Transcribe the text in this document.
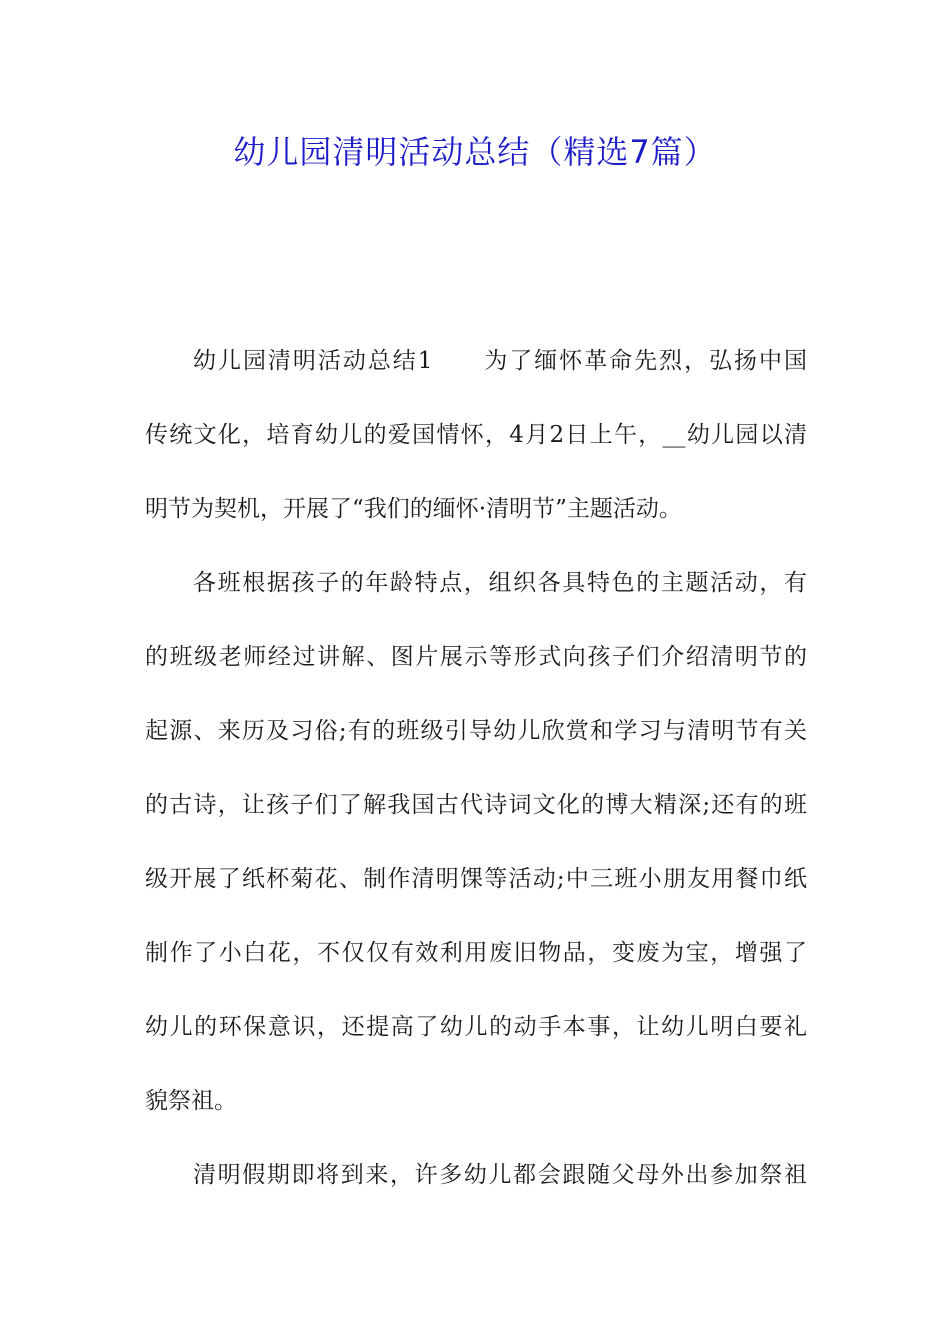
幼儿园清明活动总结（精选7篇）
幼儿园清明活动总结1　　为了缅怀革命先烈，弘扬中国
传统文化，培育幼儿的爱国情怀，4月2日上午，__幼儿园以清
明节为契机，开展了“我们的缅怀·清明节”主题活动。
各班根据孩子的年龄特点，组织各具特色的主题活动，有
的班级老师经过讲解、图片展示等形式向孩子们介绍清明节的
起源、来历及习俗;有的班级引导幼儿欣赏和学习与清明节有关
的古诗，让孩子们了解我国古代诗词文化的博大精深;还有的班
级开展了纸杯菊花、制作清明馃等活动;中三班小朋友用餐巾纸
制作了小白花，不仅仅有效利用废旧物品，变废为宝，增强了
幼儿的环保意识，还提高了幼儿的动手本事，让幼儿明白要礼
貌祭祖。
清明假期即将到来，许多幼儿都会跟随父母外出参加祭祖
